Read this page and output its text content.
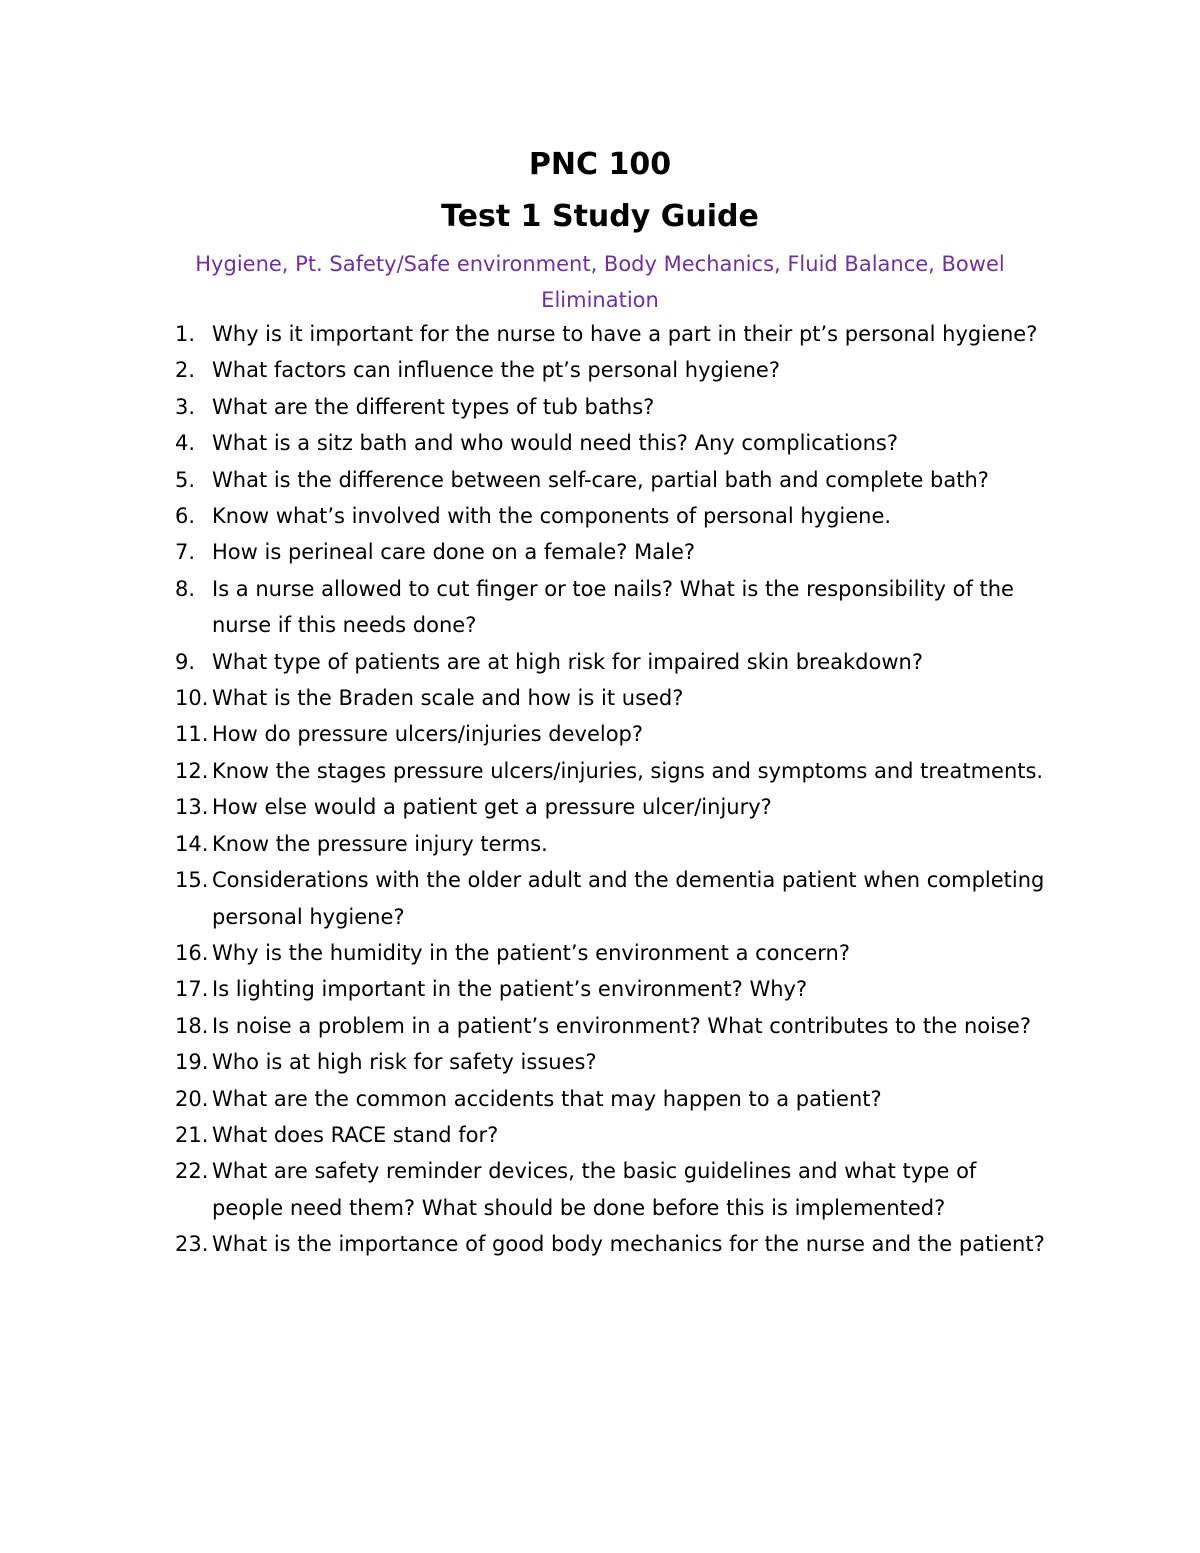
PNC 100
Test 1 Study Guide

Hygiene, Pt. Safety/Safe environment, Body Mechanics, Fluid Balance, Bowel Elimination

1. Why is it important for the nurse to have a part in their pt’s personal hygiene?
2. What factors can influence the pt’s personal hygiene?
3. What are the different types of tub baths?
4. What is a sitz bath and who would need this? Any complications?
5. What is the difference between self-care, partial bath and complete bath?
6. Know what’s involved with the components of personal hygiene.
7. How is perineal care done on a female? Male?
8. Is a nurse allowed to cut finger or toe nails? What is the responsibility of the nurse if this needs done?
9. What type of patients are at high risk for impaired skin breakdown?
10. What is the Braden scale and how is it used?
11. How do pressure ulcers/injuries develop?
12. Know the stages pressure ulcers/injuries, signs and symptoms and treatments.
13. How else would a patient get a pressure ulcer/injury?
14. Know the pressure injury terms.
15. Considerations with the older adult and the dementia patient when completing personal hygiene?
16. Why is the humidity in the patient’s environment a concern?
17. Is lighting important in the patient’s environment? Why?
18. Is noise a problem in a patient’s environment? What contributes to the noise?
19. Who is at high risk for safety issues?
20. What are the common accidents that may happen to a patient?
21. What does RACE stand for?
22. What are safety reminder devices, the basic guidelines and what type of people need them? What should be done before this is implemented?
23. What is the importance of good body mechanics for the nurse and the patient?
